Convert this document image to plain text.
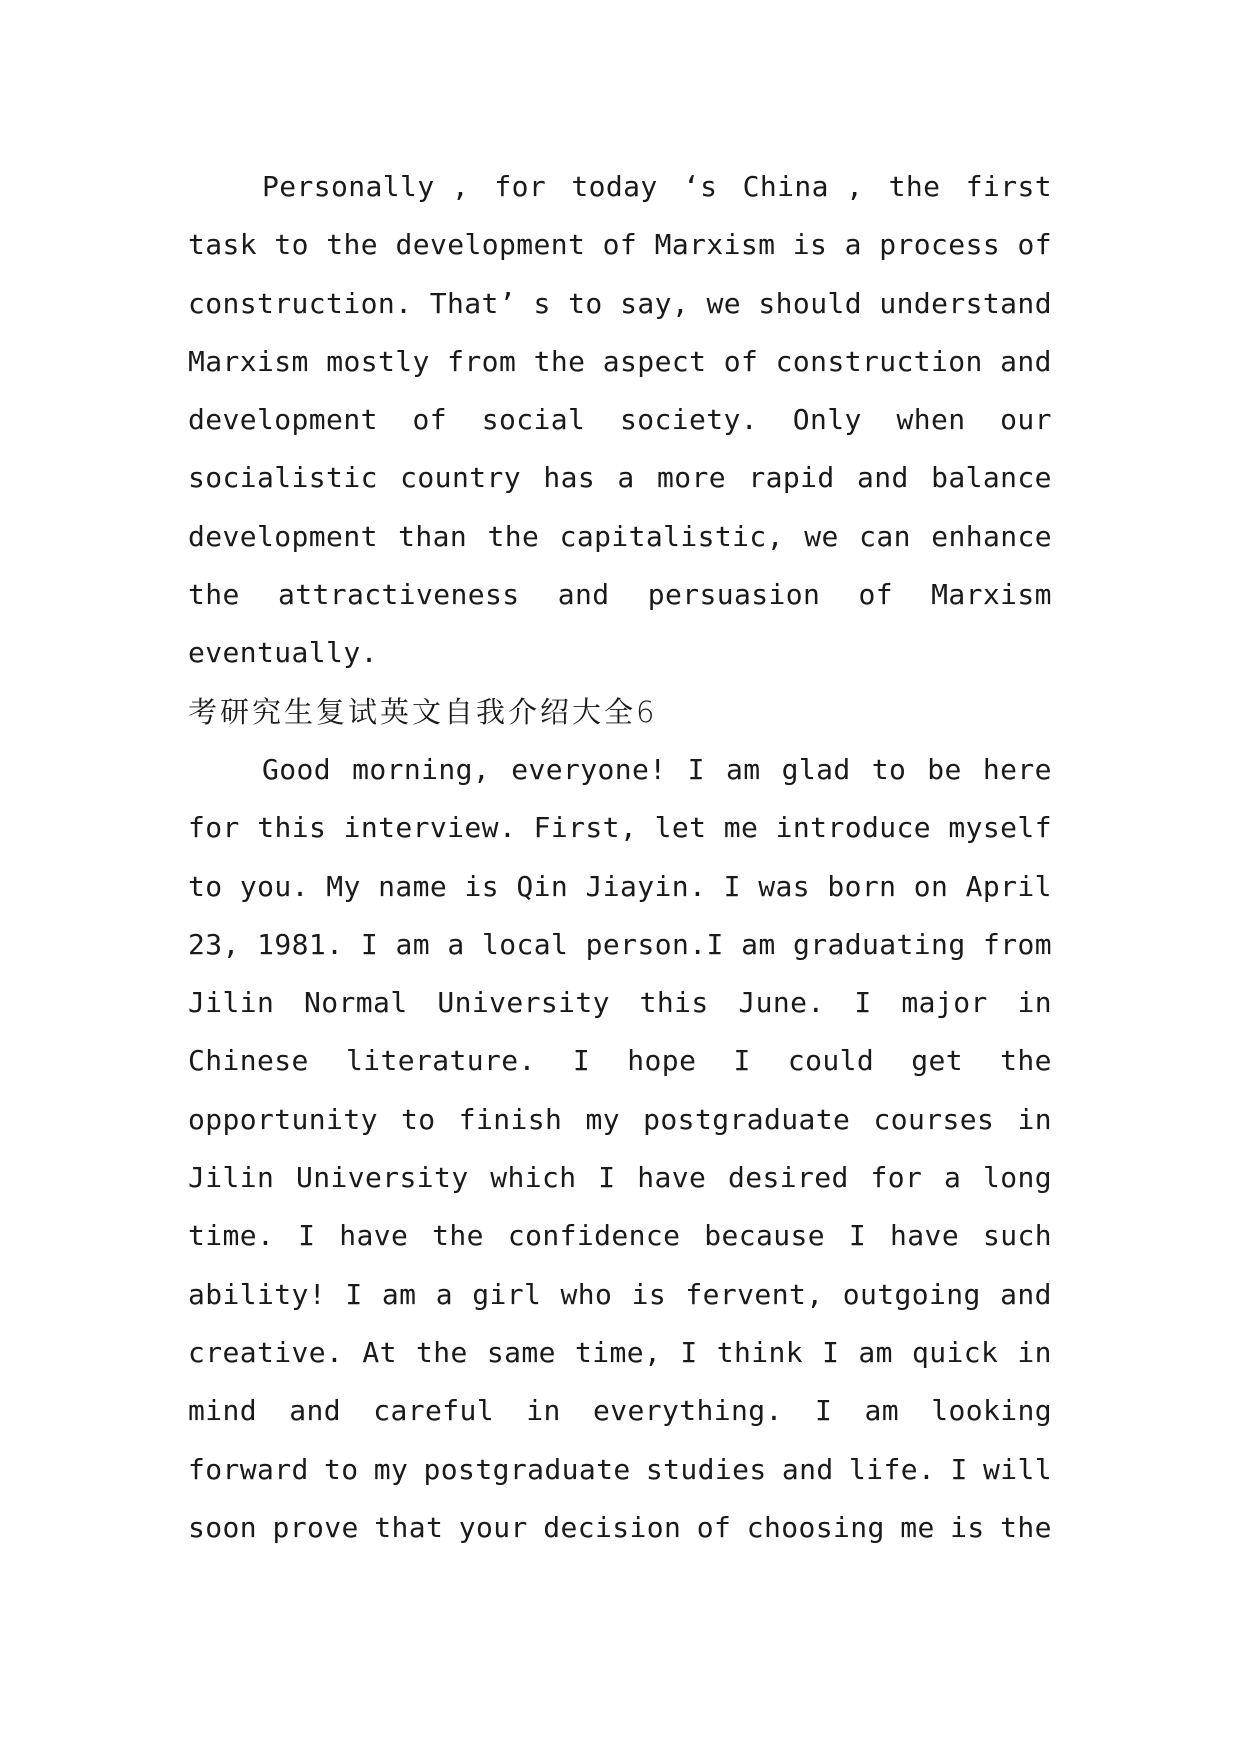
Personally , for today ‘s China , the first
task to the development of Marxism is a process of
construction. That’ s to say, we should understand
Marxism mostly from the aspect of construction and
development of social society. Only when our
socialistic country has a more rapid and balance
development than the capitalistic, we can enhance
the attractiveness and persuasion of Marxism
eventually.
考研究生复试英文自我介绍大全6
Good morning, everyone! I am glad to be here
for this interview. First, let me introduce myself
to you. My name is Qin Jiayin. I was born on April
23, 1981. I am a local person.I am graduating from
Jilin Normal University this June. I major in
Chinese literature. I hope I could get the
opportunity to finish my postgraduate courses in
Jilin University which I have desired for a long
time. I have the confidence because I have such
ability! I am a girl who is fervent, outgoing and
creative. At the same time, I think I am quick in
mind and careful in everything. I am looking
forward to my postgraduate studies and life. I will
soon prove that your decision of choosing me is the
